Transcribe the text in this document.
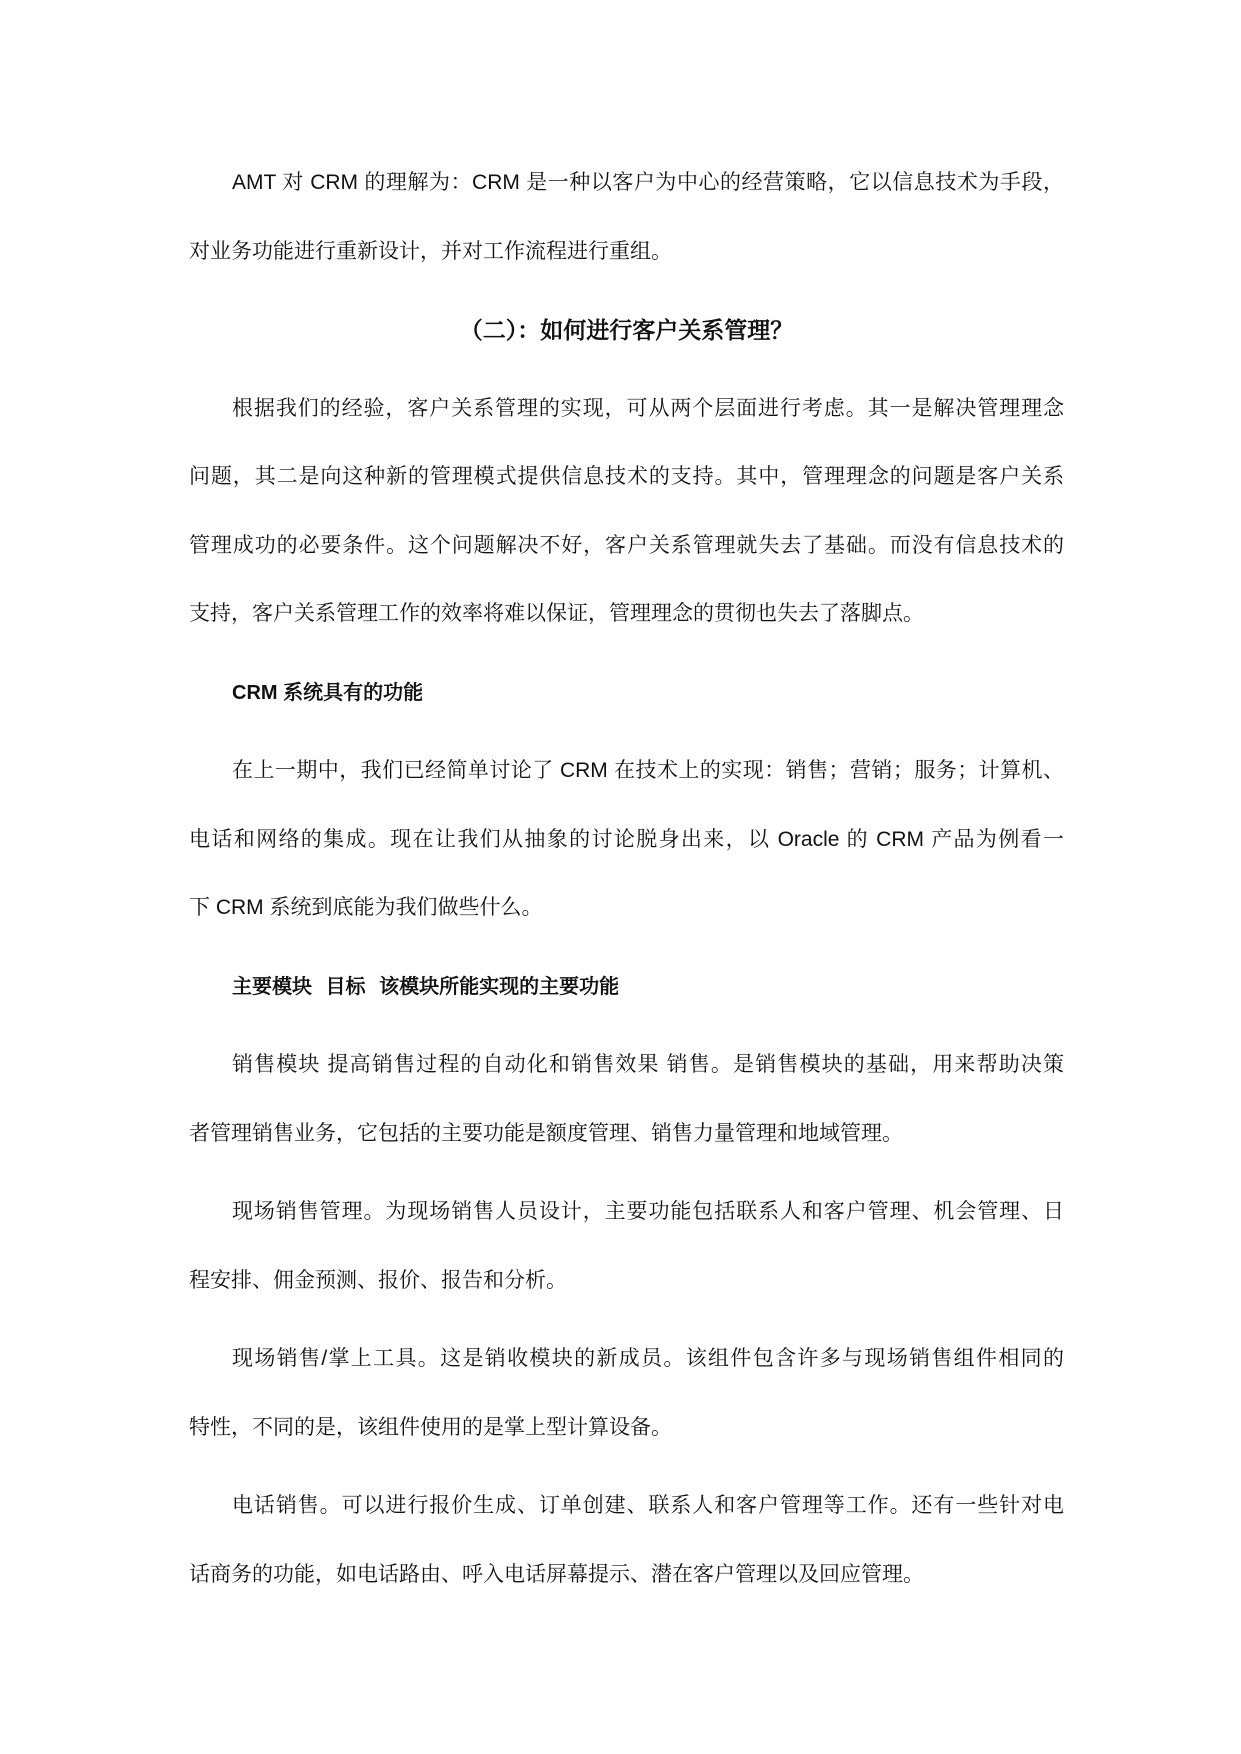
AMT 对 CRM 的理解为：CRM 是一种以客户为中心的经营策略，它以信息技术为手段，
对业务功能进行重新设计，并对工作流程进行重组。
（二）：如何进行客户关系管理？
根据我们的经验，客户关系管理的实现，可从两个层面进行考虑。其一是解决管理理念
问题，其二是向这种新的管理模式提供信息技术的支持。其中，管理理念的问题是客户关系
管理成功的必要条件。这个问题解决不好，客户关系管理就失去了基础。而没有信息技术的
支持，客户关系管理工作的效率将难以保证，管理理念的贯彻也失去了落脚点。
CRM 系统具有的功能
在上一期中，我们已经简单讨论了 CRM 在技术上的实现：销售；营销；服务；计算机、
电话和网络的集成。现在让我们从抽象的讨论脱身出来，以 Oracle 的 CRM 产品为例看一
下 CRM 系统到底能为我们做些什么。
主要模块 目标 该模块所能实现的主要功能
销售模块 提高销售过程的自动化和销售效果 销售。是销售模块的基础，用来帮助决策
者管理销售业务，它包括的主要功能是额度管理、销售力量管理和地域管理。
现场销售管理。为现场销售人员设计，主要功能包括联系人和客户管理、机会管理、日
程安排、佣金预测、报价、报告和分析。
现场销售/掌上工具。这是销收模块的新成员。该组件包含许多与现场销售组件相同的
特性，不同的是，该组件使用的是掌上型计算设备。
电话销售。可以进行报价生成、订单创建、联系人和客户管理等工作。还有一些针对电
话商务的功能，如电话路由、呼入电话屏幕提示、潜在客户管理以及回应管理。
